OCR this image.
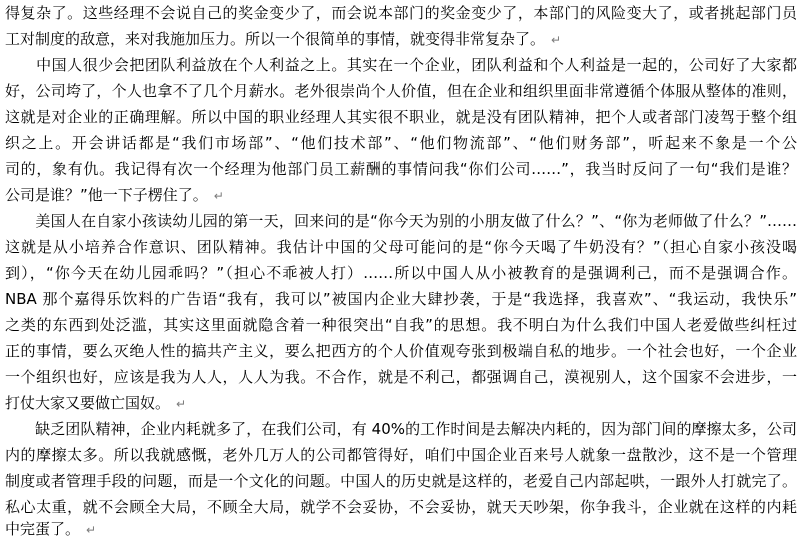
得复杂了。这些经理不会说自己的奖金变少了，而会说本部门的奖金变少了，本部门的风险变大了，或者挑起部门员
工对制度的敌意，来对我施加压力。所以一个很简单的事情，就变得非常复杂了。 ↵
　　中国人很少会把团队利益放在个人利益之上。其实在一个企业，团队利益和个人利益是一起的，公司好了大家都
好，公司垮了，个人也拿不了几个月薪水。老外很崇尚个人价值，但在企业和组织里面非常遵循个体服从整体的准则，
这就是对企业的正确理解。所以中国的职业经理人其实很不职业，就是没有团队精神，把个人或者部门凌驾于整个组
织之上。开会讲话都是“我们市场部”、“他们技术部”、“他们物流部”、“他们财务部”，听起来不象是一个公
司的，象有仇。我记得有次一个经理为他部门员工薪酬的事情问我“你们公司……”，我当时反问了一句“我们是谁？
公司是谁？”他一下子楞住了。 ↵
　　美国人在自家小孩读幼儿园的第一天，回来问的是“你今天为别的小朋友做了什么？”、“你为老师做了什么？”……
这就是从小培养合作意识、团队精神。我估计中国的父母可能问的是“你今天喝了牛奶没有？”（担心自家小孩没喝
到），“你今天在幼儿园乖吗？”（担心不乖被人打）……所以中国人从小被教育的是强调利己，而不是强调合作。
NBA 那个嘉得乐饮料的广告语“我有，我可以”被国内企业大肆抄袭，于是“我选择，我喜欢”、“我运动，我快乐”
之类的东西到处泛滥，其实这里面就隐含着一种很突出“自我”的思想。我不明白为什么我们中国人老爱做些纠枉过
正的事情，要么灭绝人性的搞共产主义，要么把西方的个人价值观夸张到极端自私的地步。一个社会也好，一个企业
一个组织也好，应该是我为人人，人人为我。不合作，就是不利己，都强调自己，漠视别人，这个国家不会进步，一
打仗大家又要做亡国奴。 ↵
　　缺乏团队精神，企业内耗就多了，在我们公司，有 40%的工作时间是去解决内耗的，因为部门间的摩擦太多，公司
内的摩擦太多。所以我就感慨，老外几万人的公司都管得好，咱们中国企业百来号人就象一盘散沙，这不是一个管理
制度或者管理手段的问题，而是一个文化的问题。中国人的历史就是这样的，老爱自己内部起哄，一跟外人打就完了。
私心太重，就不会顾全大局，不顾全大局，就学不会妥协，不会妥协，就天天吵架，你争我斗，企业就在这样的内耗
中完蛋了。 ↵
